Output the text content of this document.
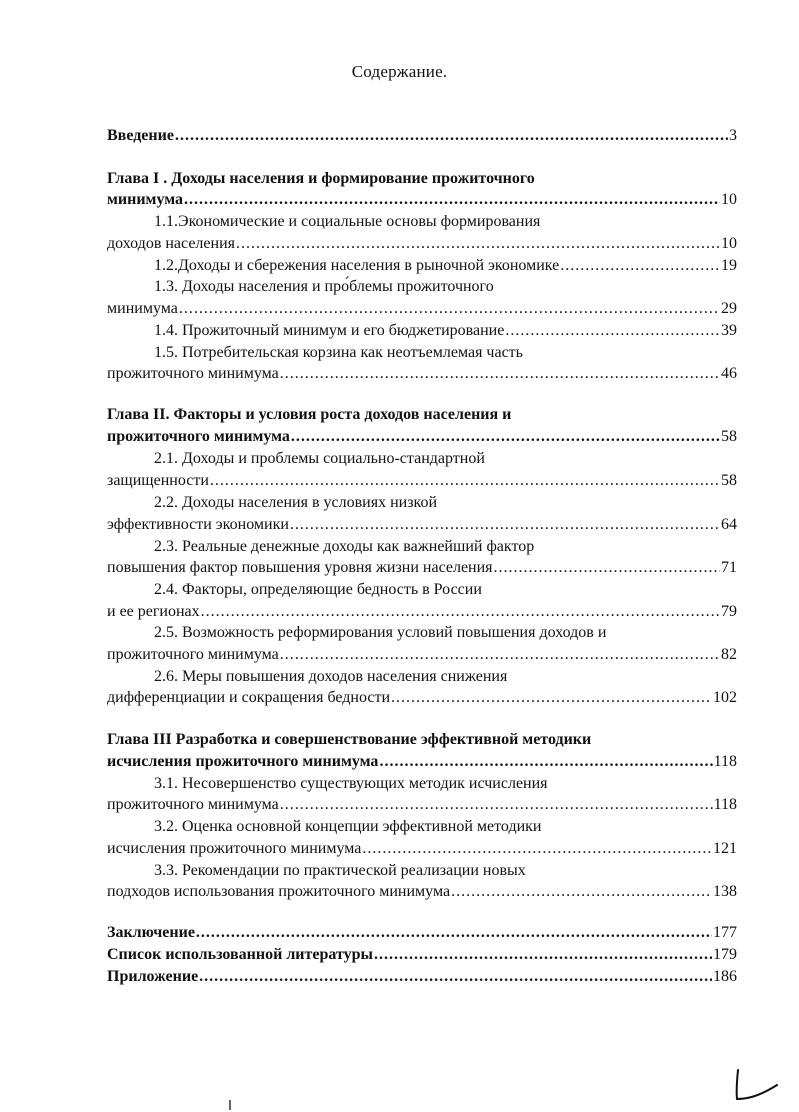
Содержание.
Введение .....	3
Глава I . Доходы населения и формирование прожиточного
минимума .....	10
1.1.Экономические и социальные основы формирования
доходов населения .....	10
1.2.Доходы и сбережения населения в рыночной экономике .....	19
1.3. Доходы населения и про́блемы прожиточного
минимума .....	29
1.4. Прожиточный минимум и его бюджетирование .....	39
1.5. Потребительская корзина как неотъемлемая часть
прожиточного минимума .....	46
Глава II. Факторы и условия роста доходов населения и
прожиточного минимума .....	58
2.1. Доходы и проблемы социально-стандартной
защищенности .....	58
2.2. Доходы населения в условиях низкой
эффективности экономики .....	64
2.3. Реальные денежные доходы как важнейший фактор
повышения фактор повышения уровня жизни населения .....	71
2.4. Факторы, определяющие бедность в России
и ее регионах .....	79
2.5. Возможность реформирования условий повышения доходов и
прожиточного минимума .....	82
2.6. Меры повышения доходов населения снижения
дифференциации и сокращения бедности .....	102
Глава III Разработка и совершенствование эффективной методики
исчисления прожиточного минимума .....	118
3.1. Несовершенство существующих методик исчисления
прожиточного минимума .....	118
3.2. Оценка основной концепции эффективной методики
исчисления прожиточного минимума .....	121
3.3. Рекомендации по практической реализации новых
подходов использования прожиточного минимума .....	138
Заключение .....	177
Список использованной литературы .....	179
Приложение .....	186
